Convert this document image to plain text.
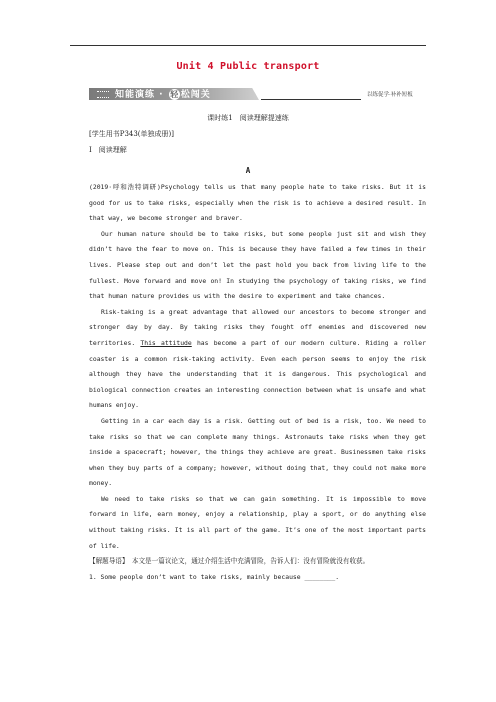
Unit 4 Public transport
知能演练 · 轻 松闯关	以练促学·补补短板
课时练1　阅读理解提速练
[学生用书P343(单独成册)]
Ⅰ　阅读理解
A

(2019·呼和浩特调研)Psychology tells us that many people hate to take risks. But it is good for us to take risks, especially when the risk is to achieve a desired result. In that way, we become stronger and braver.

Our human nature should be to take risks, but some people just sit and wish they didn’t have the fear to move on. This is because they have failed a few times in their lives. Please step out and don’t let the past hold you back from living life to the fullest. Move forward and move on! In studying the psychology of taking risks, we find that human nature provides us with the desire to experiment and take chances.

Risk-taking is a great advantage that allowed our ancestors to become stronger and stronger day by day. By taking risks they fought off enemies and discovered new territories. This attitude has become a part of our modern culture. Riding a roller coaster is a common risk-taking activity. Even each person seems to enjoy the risk although they have the understanding that it is dangerous. This psychological and biological connection creates an interesting connection between what is unsafe and what humans enjoy.

Getting in a car each day is a risk. Getting out of bed is a risk, too. We need to take risks so that we can complete many things. Astronauts take risks when they get inside a spacecraft; however, the things they achieve are great. Businessmen take risks when they buy parts of a company; however, without doing that, they could not make more money.

We need to take risks so that we can gain something. It is impossible to move forward in life, earn money, enjoy a relationship, play a sport, or do anything else without taking risks. It is all part of the game. It’s one of the most important parts of life.

【解题导语】　本文是一篇议论文，通过介绍生活中充满冒险，告诉人们：没有冒险就没有收获。

1. Some people don’t want to take risks, mainly because ________.
